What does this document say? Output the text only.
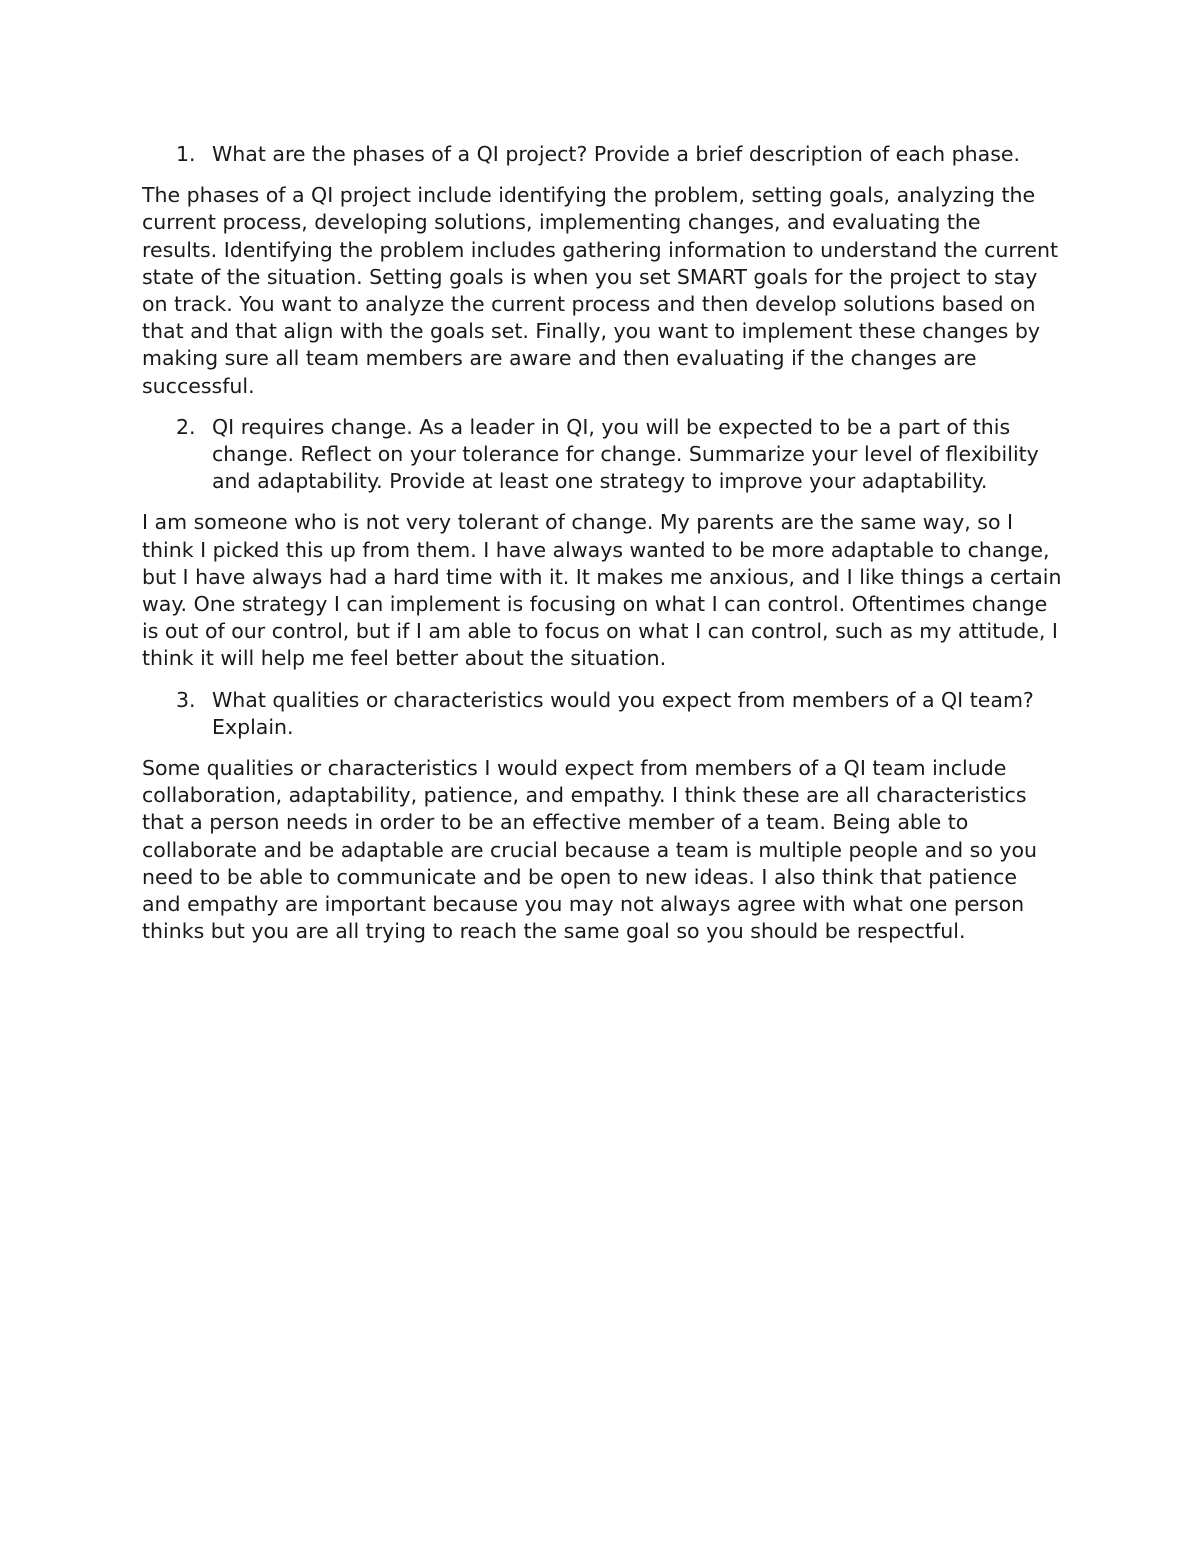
1. What are the phases of a QI project? Provide a brief description of each phase.

The phases of a QI project include identifying the problem, setting goals, analyzing the current process, developing solutions, implementing changes, and evaluating the results. Identifying the problem includes gathering information to understand the current state of the situation. Setting goals is when you set SMART goals for the project to stay on track. You want to analyze the current process and then develop solutions based on that and that align with the goals set. Finally, you want to implement these changes by making sure all team members are aware and then evaluating if the changes are successful.

2. QI requires change. As a leader in QI, you will be expected to be a part of this change. Reflect on your tolerance for change. Summarize your level of flexibility and adaptability. Provide at least one strategy to improve your adaptability.

I am someone who is not very tolerant of change. My parents are the same way, so I think I picked this up from them. I have always wanted to be more adaptable to change, but I have always had a hard time with it. It makes me anxious, and I like things a certain way. One strategy I can implement is focusing on what I can control. Oftentimes change is out of our control, but if I am able to focus on what I can control, such as my attitude, I think it will help me feel better about the situation.

3. What qualities or characteristics would you expect from members of a QI team? Explain.

Some qualities or characteristics I would expect from members of a QI team include collaboration, adaptability, patience, and empathy. I think these are all characteristics that a person needs in order to be an effective member of a team. Being able to collaborate and be adaptable are crucial because a team is multiple people and so you need to be able to communicate and be open to new ideas. I also think that patience and empathy are important because you may not always agree with what one person thinks but you are all trying to reach the same goal so you should be respectful.
